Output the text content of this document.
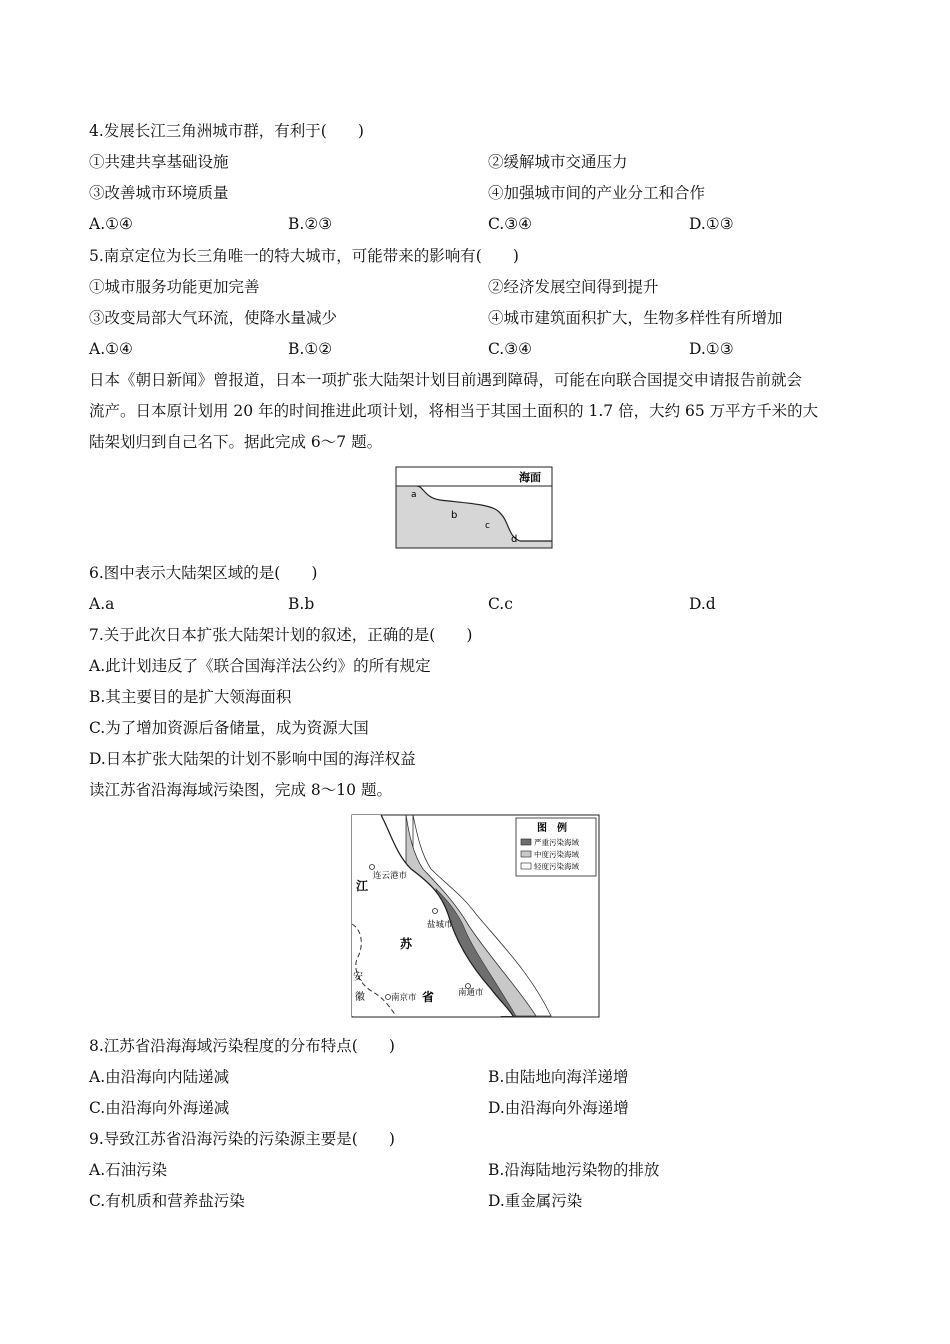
4.发展长江三角洲城市群，有利于(　　)
①共建共享基础设施	②缓解城市交通压力
③改善城市环境质量	④加强城市间的产业分工和合作
A.①④	B.②③	C.③④	D.①③
5.南京定位为长三角唯一的特大城市，可能带来的影响有(　　)
①城市服务功能更加完善	②经济发展空间得到提升
③改变局部大气环流，使降水量减少	④城市建筑面积扩大，生物多样性有所增加
A.①④	B.①②	C.③④	D.①③
日本《朝日新闻》曾报道，日本一项扩张大陆架计划目前遇到障碍，可能在向联合国提交申请报告前就会
流产。日本原计划用 20 年的时间推进此项计划，将相当于其国土面积的 1.7 倍，大约 65 万平方千米的大
陆架划归到自己名下。据此完成 6～7 题。
海面
a
b
c
d
6.图中表示大陆架区域的是(　　)
A.a	B.b	C.c	D.d
7.关于此次日本扩张大陆架计划的叙述，正确的是(　　)
A.此计划违反了《联合国海洋法公约》的所有规定
B.其主要目的是扩大领海面积
C.为了增加资源后备储量，成为资源大国
D.日本扩张大陆架的计划不影响中国的海洋权益
读江苏省沿海海域污染图，完成 8～10 题。
图　例
严重污染海域
中度污染海域
轻度污染海域
连云港市
盐城市
南京市	南通市
江
苏
省
安
徽
8.江苏省沿海海域污染程度的分布特点(　　)
A.由沿海向内陆递减	B.由陆地向海洋递增
C.由沿海向外海递减	D.由沿海向外海递增
9.导致江苏省沿海污染的污染源主要是(　　)
A.石油污染	B.沿海陆地污染物的排放
C.有机质和营养盐污染	D.重金属污染
